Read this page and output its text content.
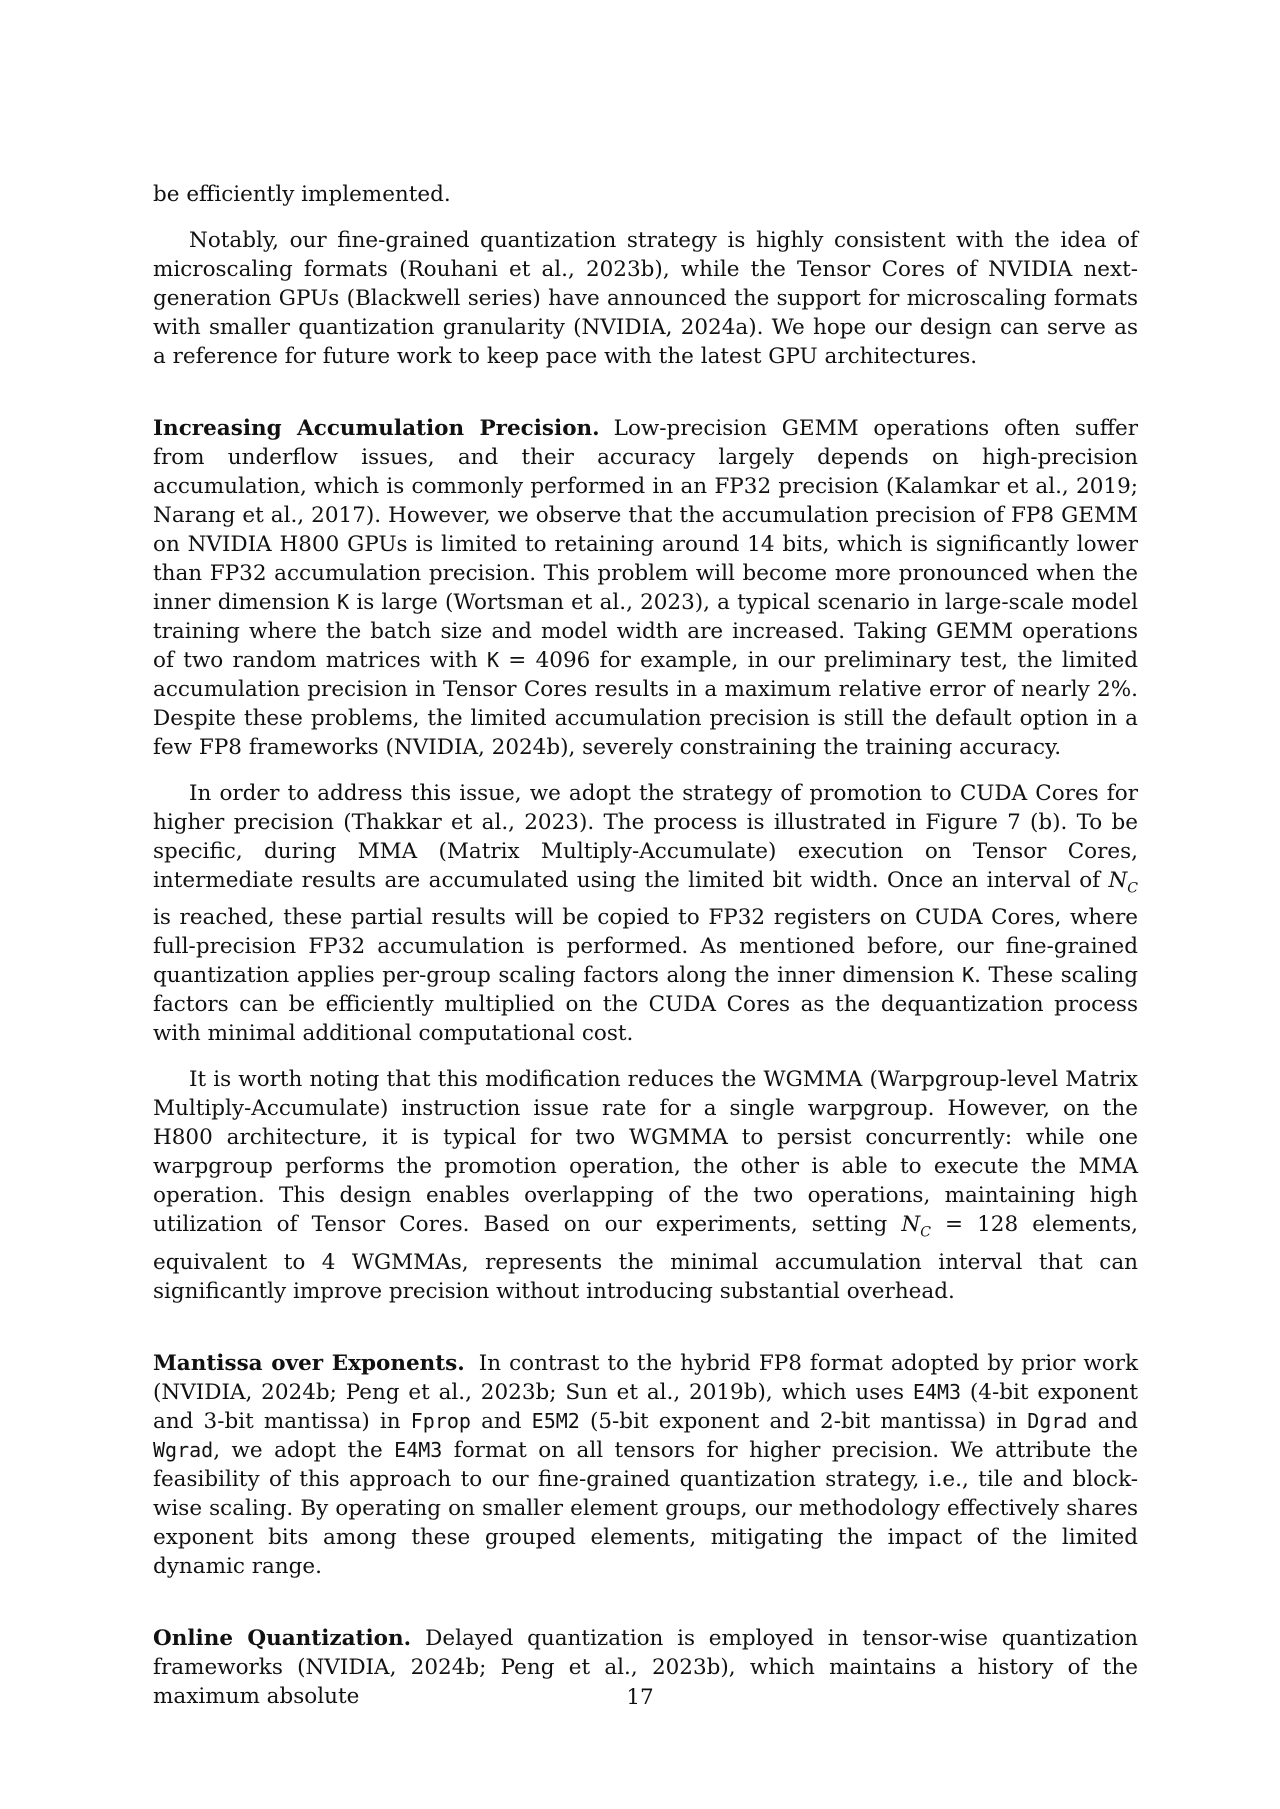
be efficiently implemented.

Notably, our fine-grained quantization strategy is highly consistent with the idea of microscaling formats (Rouhani et al., 2023b), while the Tensor Cores of NVIDIA next-generation GPUs (Blackwell series) have announced the support for microscaling formats with smaller quantization granularity (NVIDIA, 2024a). We hope our design can serve as a reference for future work to keep pace with the latest GPU architectures.

Increasing Accumulation Precision. Low-precision GEMM operations often suffer from underflow issues, and their accuracy largely depends on high-precision accumulation, which is commonly performed in an FP32 precision (Kalamkar et al., 2019; Narang et al., 2017). However, we observe that the accumulation precision of FP8 GEMM on NVIDIA H800 GPUs is limited to retaining around 14 bits, which is significantly lower than FP32 accumulation precision. This problem will become more pronounced when the inner dimension K is large (Wortsman et al., 2023), a typical scenario in large-scale model training where the batch size and model width are increased. Taking GEMM operations of two random matrices with K = 4096 for example, in our preliminary test, the limited accumulation precision in Tensor Cores results in a maximum relative error of nearly 2%. Despite these problems, the limited accumulation precision is still the default option in a few FP8 frameworks (NVIDIA, 2024b), severely constraining the training accuracy.

In order to address this issue, we adopt the strategy of promotion to CUDA Cores for higher precision (Thakkar et al., 2023). The process is illustrated in Figure 7 (b). To be specific, during MMA (Matrix Multiply-Accumulate) execution on Tensor Cores, intermediate results are accumulated using the limited bit width. Once an interval of $N_C$ is reached, these partial results will be copied to FP32 registers on CUDA Cores, where full-precision FP32 accumulation is performed. As mentioned before, our fine-grained quantization applies per-group scaling factors along the inner dimension K. These scaling factors can be efficiently multiplied on the CUDA Cores as the dequantization process with minimal additional computational cost.

It is worth noting that this modification reduces the WGMMA (Warpgroup-level Matrix Multiply-Accumulate) instruction issue rate for a single warpgroup. However, on the H800 architecture, it is typical for two WGMMA to persist concurrently: while one warpgroup performs the promotion operation, the other is able to execute the MMA operation. This design enables overlapping of the two operations, maintaining high utilization of Tensor Cores. Based on our experiments, setting $N_C = 128$ elements, equivalent to 4 WGMMAs, represents the minimal accumulation interval that can significantly improve precision without introducing substantial overhead.

Mantissa over Exponents. In contrast to the hybrid FP8 format adopted by prior work (NVIDIA, 2024b; Peng et al., 2023b; Sun et al., 2019b), which uses E4M3 (4-bit exponent and 3-bit mantissa) in Fprop and E5M2 (5-bit exponent and 2-bit mantissa) in Dgrad and Wgrad, we adopt the E4M3 format on all tensors for higher precision. We attribute the feasibility of this approach to our fine-grained quantization strategy, i.e., tile and block-wise scaling. By operating on smaller element groups, our methodology effectively shares exponent bits among these grouped elements, mitigating the impact of the limited dynamic range.

Online Quantization. Delayed quantization is employed in tensor-wise quantization frameworks (NVIDIA, 2024b; Peng et al., 2023b), which maintains a history of the maximum absolute	17
